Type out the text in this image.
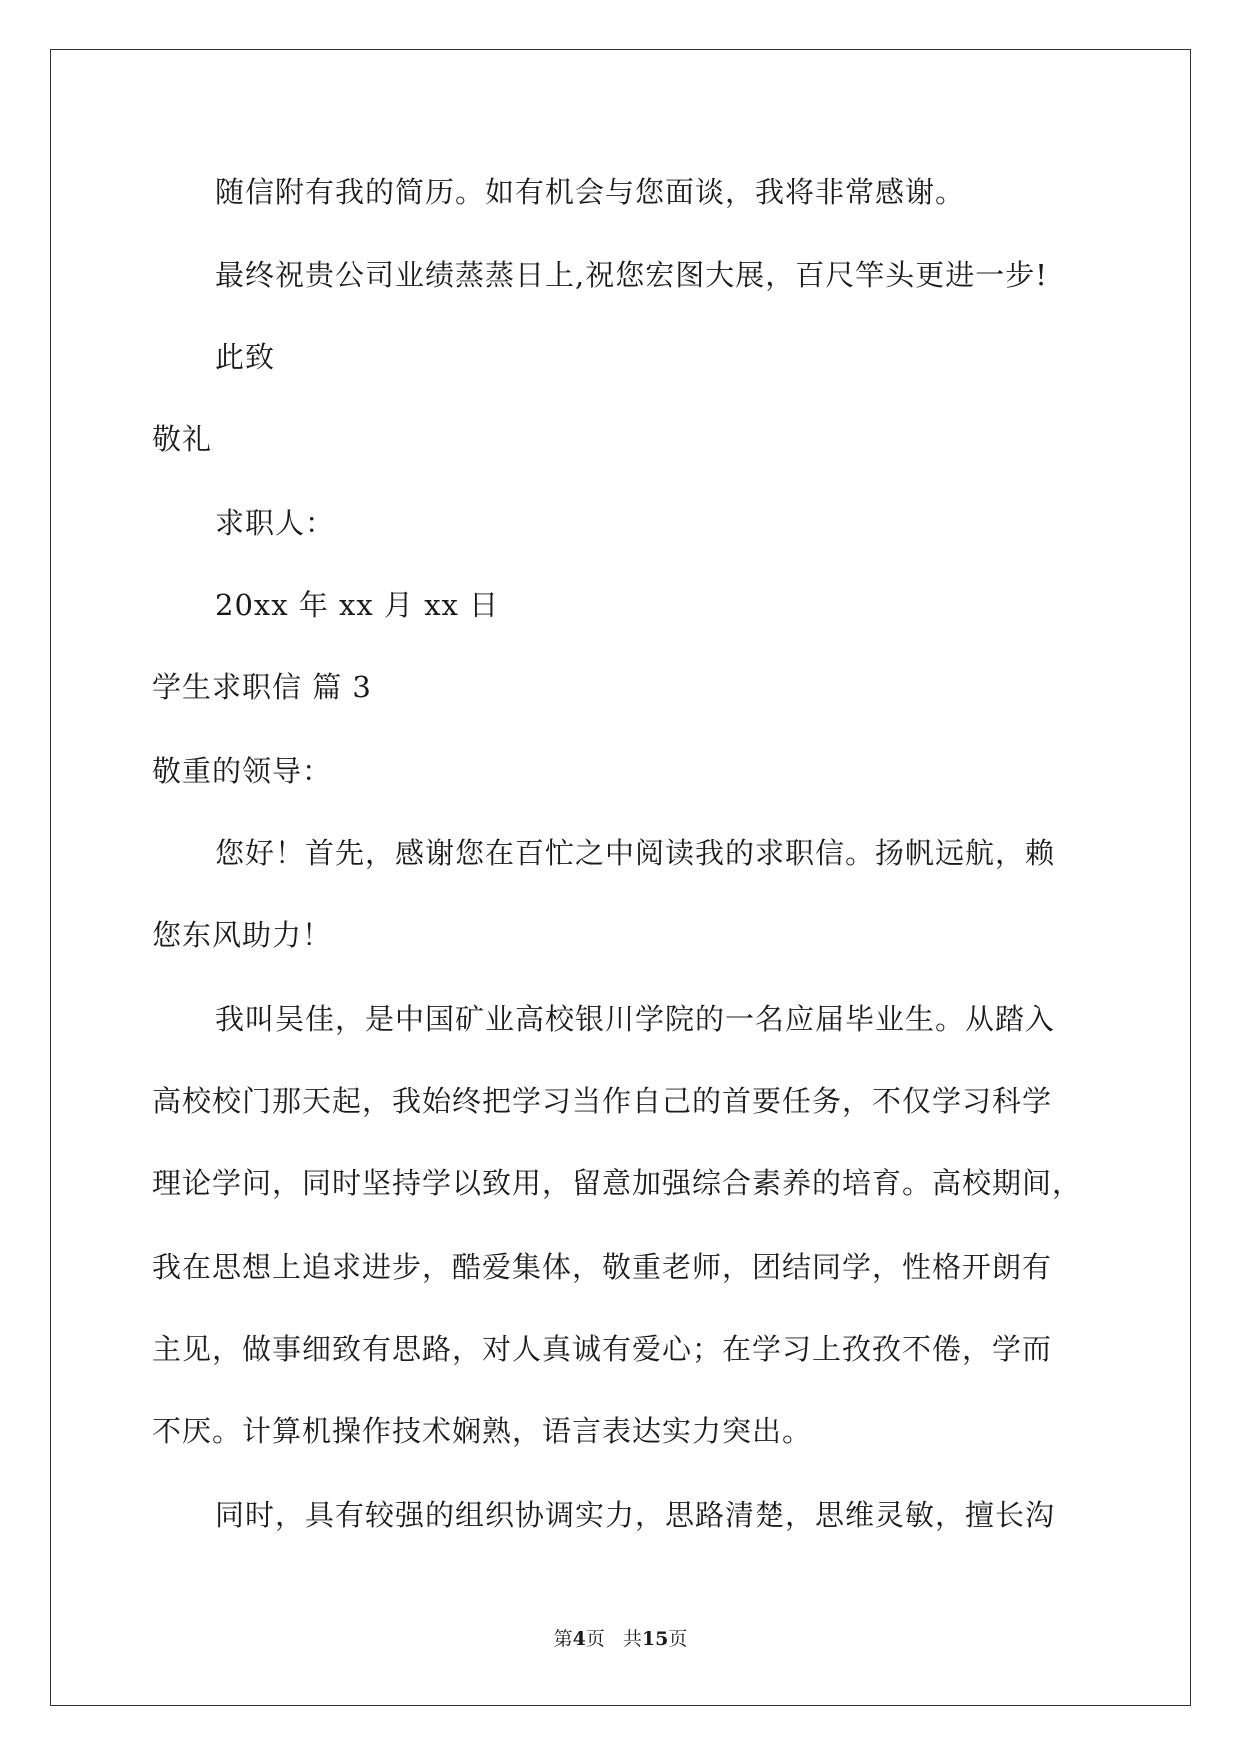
随信附有我的简历。如有机会与您面谈，我将非常感谢。
最终祝贵公司业绩蒸蒸日上,祝您宏图大展，百尺竿头更进一步!
此致
敬礼
求职人：
20xx 年 xx 月 xx 日
学生求职信 篇 3
敬重的领导：
您好！首先，感谢您在百忙之中阅读我的求职信。扬帆远航，赖
您东风助力！
我叫吴佳，是中国矿业高校银川学院的一名应届毕业生。从踏入
高校校门那天起，我始终把学习当作自己的首要任务，不仅学习科学
理论学问，同时坚持学以致用，留意加强综合素养的培育。高校期间，
我在思想上追求进步，酷爱集体，敬重老师，团结同学，性格开朗有
主见，做事细致有思路，对人真诚有爱心；在学习上孜孜不倦，学而
不厌。计算机操作技术娴熟，语言表达实力突出。
同时，具有较强的组织协调实力，思路清楚，思维灵敏，擅长沟
第4页 共15页
